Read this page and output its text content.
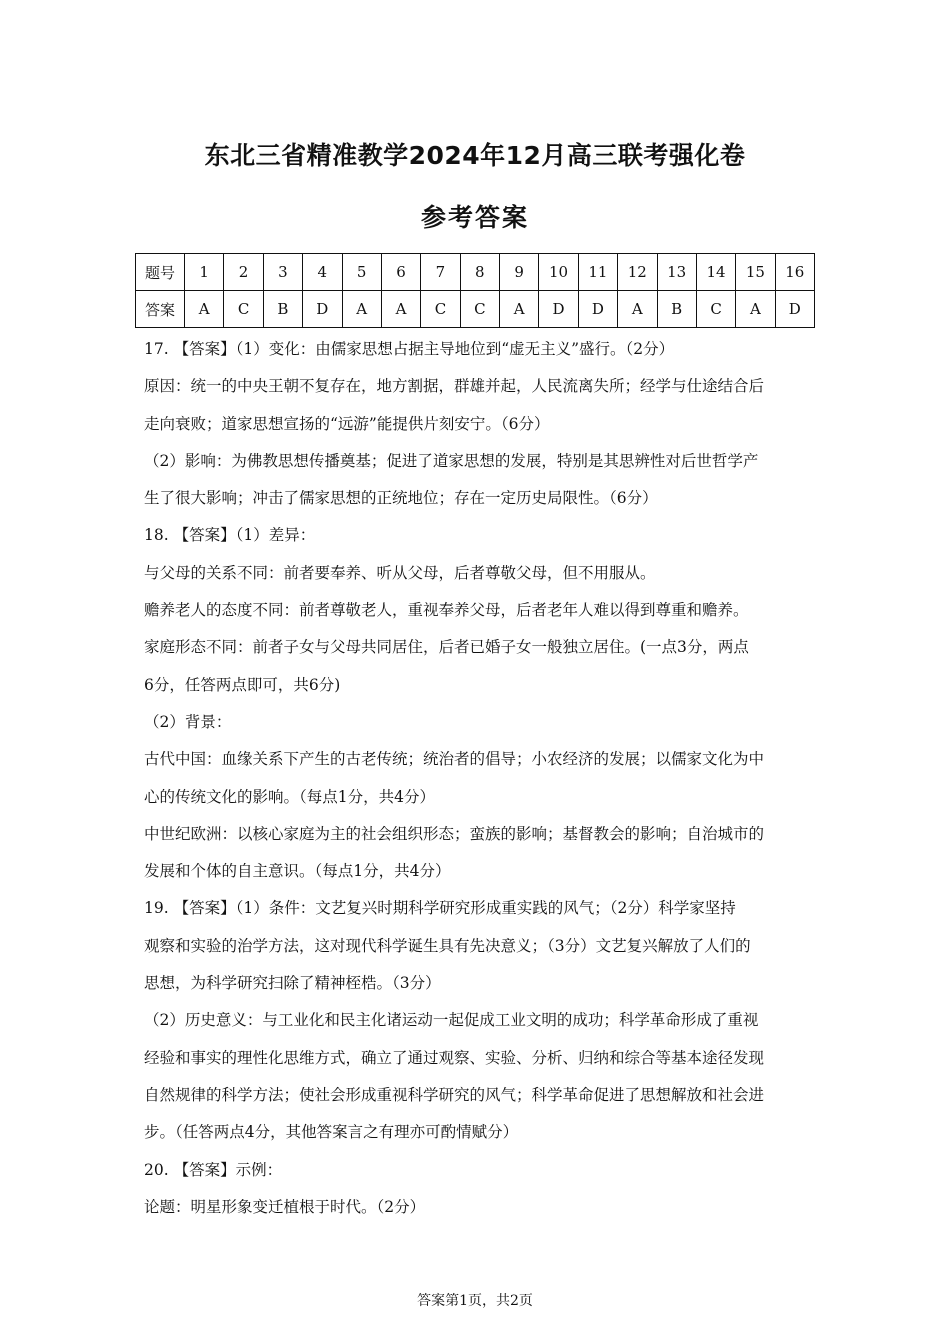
东北三省精准教学2024年12月高三联考强化卷
参考答案
题号	1	2	3	4	5	6	7	8	9	10	11	12	13	14	15	16
答案	A	C	B	D	A	A	C	C	A	D	D	A	B	C	A	D

17. 【答案】（1）变化：由儒家思想占据主导地位到“虚无主义”盛行。（2分）

原因：统一的中央王朝不复存在，地方割据，群雄并起，人民流离失所；经学与仕途结合后

走向衰败；道家思想宣扬的“远游”能提供片刻安宁。（6分）

（2）影响：为佛教思想传播奠基；促进了道家思想的发展，特别是其思辨性对后世哲学产

生了很大影响；冲击了儒家思想的正统地位；存在一定历史局限性。（6分）

18. 【答案】（1）差异：

与父母的关系不同：前者要奉养、听从父母，后者尊敬父母，但不用服从。

赡养老人的态度不同：前者尊敬老人，重视奉养父母，后者老年人难以得到尊重和赡养。

家庭形态不同：前者子女与父母共同居住，后者已婚子女一般独立居住。(一点3分，两点

6分，任答两点即可，共6分)

（2）背景：

古代中国：血缘关系下产生的古老传统；统治者的倡导；小农经济的发展；以儒家文化为中

心的传统文化的影响。（每点1分，共4分）

中世纪欧洲：以核心家庭为主的社会组织形态；蛮族的影响；基督教会的影响；自治城市的

发展和个体的自主意识。（每点1分，共4分）

19. 【答案】（1）条件：文艺复兴时期科学研究形成重实践的风气；（2分）科学家坚持

观察和实验的治学方法，这对现代科学诞生具有先决意义；（3分）文艺复兴解放了人们的

思想，为科学研究扫除了精神桎梏。（3分）

（2）历史意义：与工业化和民主化诸运动一起促成工业文明的成功；科学革命形成了重视

经验和事实的理性化思维方式，确立了通过观察、实验、分析、归纳和综合等基本途径发现

自然规律的科学方法；使社会形成重视科学研究的风气；科学革命促进了思想解放和社会进

步。（任答两点4分，其他答案言之有理亦可酌情赋分）

20. 【答案】示例：

论题：明星形象变迁植根于时代。（2分）

答案第1页，共2页
